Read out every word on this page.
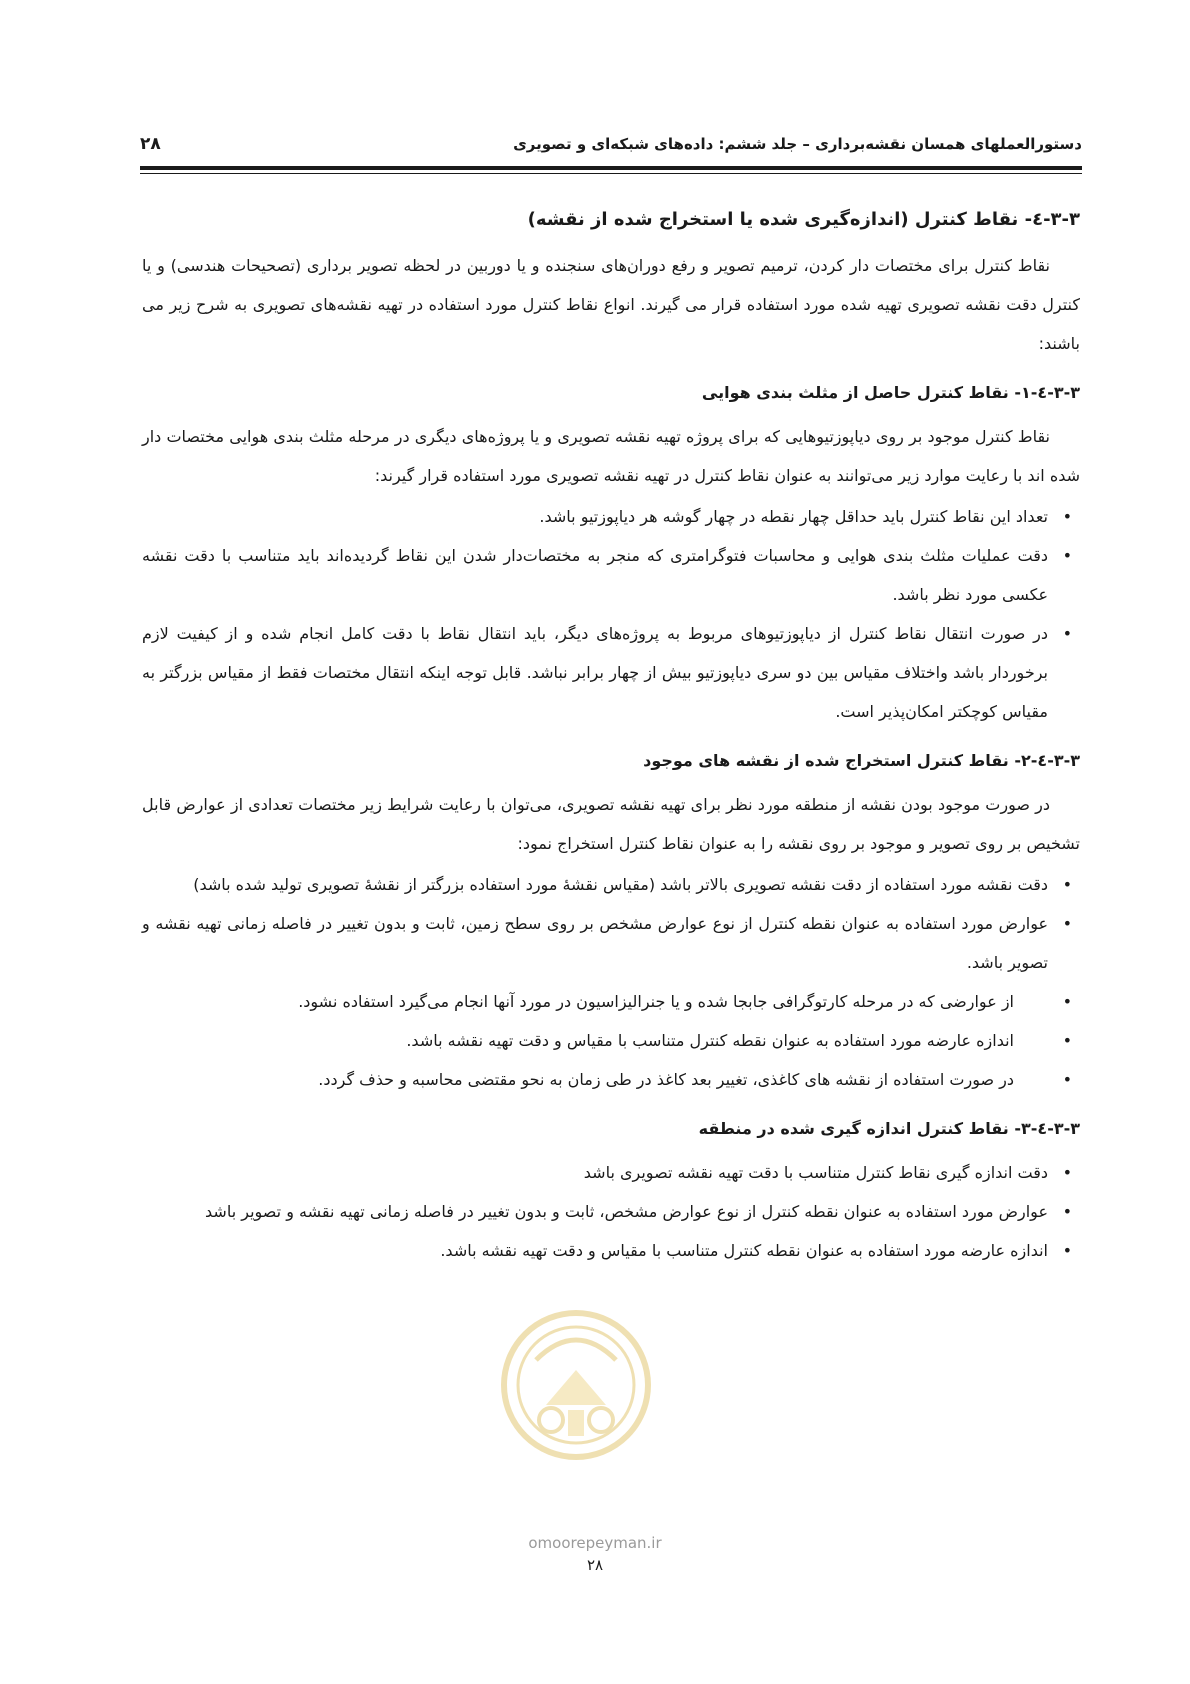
۲۸	دستورالعملهای همسان نقشه‌برداری – جلد ششم: داده‌های شبکه‌ای و تصویری
۳-۳-٤- نقاط کنترل (اندازه‌گیری شده یا استخراج شده از نقشه)

نقاط کنترل برای مختصات دار کردن، ترمیم تصویر و رفع دوران‌های سنجنده و یا دوربین در لحظه تصویر برداری (تصحیحات هندسی) و یا کنترل دقت نقشه تصویری تهیه شده مورد استفاده قرار می گیرند. انواع نقاط کنترل مورد استفاده در تهیه نقشه‌های تصویری به شرح زیر می باشند:

۳-۳-٤-۱- نقاط کنترل حاصل از مثلث بندی هوایی

نقاط کنترل موجود بر روی دیاپوزتیوهایی که برای پروژه تهیه نقشه تصویری و یا پروژه‌های دیگری در مرحله مثلث بندی هوایی مختصات دار شده اند با رعایت موارد زیر می‌توانند به عنوان نقاط کنترل در تهیه نقشه تصویری مورد استفاده قرار گیرند:

• تعداد این نقاط کنترل باید حداقل چهار نقطه در چهار گوشه هر دیاپوزتیو باشد.
• دقت عملیات مثلث بندی هوایی و محاسبات فتوگرامتری که منجر به مختصات‌دار شدن این نقاط گردیده‌اند باید متناسب با دقت نقشه عکسی مورد نظر باشد.
• در صورت انتقال نقاط کنترل از دیاپوزتیوهای مربوط به پروژه‌های دیگر، باید انتقال نقاط با دقت کامل انجام شده و از کیفیت لازم برخوردار باشد واختلاف مقیاس بین دو سری دیاپوزتیو بیش از چهار برابر نباشد. قابل توجه اینکه انتقال مختصات فقط از مقیاس بزرگتر به مقیاس کوچکتر امکان‌پذیر است.
۳-۳-٤-۲- نقاط کنترل استخراج شده از نقشه های موجود

در صورت موجود بودن نقشه از منطقه مورد نظر برای تهیه نقشه تصویری، می‌توان با رعایت شرایط زیر مختصات تعدادی از عوارض قابل تشخیص بر روی تصویر و موجود بر روی نقشه را به عنوان نقاط کنترل استخراج نمود:

• دقت نقشه مورد استفاده از دقت نقشه تصویری بالاتر باشد (مقیاس نقشهٔ مورد استفاده بزرگتر از نقشهٔ تصویری تولید شده باشد)
• عوارض مورد استفاده به عنوان نقطه کنترل از نوع عوارض مشخص بر روی سطح زمین، ثابت و بدون تغییر در فاصله زمانی تهیه نقشه و تصویر باشد.
• از عوارضی که در مرحله کارتوگرافی جابجا شده و یا جنرالیزاسیون در مورد آنها انجام می‌گیرد استفاده نشود.
• اندازه عارضه مورد استفاده به عنوان نقطه کنترل متناسب با مقیاس و دقت تهیه نقشه باشد.
• در صورت استفاده از نقشه های کاغذی، تغییر بعد کاغذ در طی زمان به نحو مقتضی محاسبه و حذف گردد.
۳-۳-٤-۳- نقاط کنترل اندازه گیری شده در منطقه
• دقت اندازه گیری نقاط کنترل متناسب با دقت تهیه نقشه تصویری باشد
• عوارض مورد استفاده به عنوان نقطه کنترل از نوع عوارض مشخص، ثابت و بدون تغییر در فاصله زمانی تهیه نقشه و تصویر باشد
• اندازه عارضه مورد استفاده به عنوان نقطه کنترل متناسب با مقیاس و دقت تهیه نقشه باشد.
omoorepeyman.ir
۲۸
